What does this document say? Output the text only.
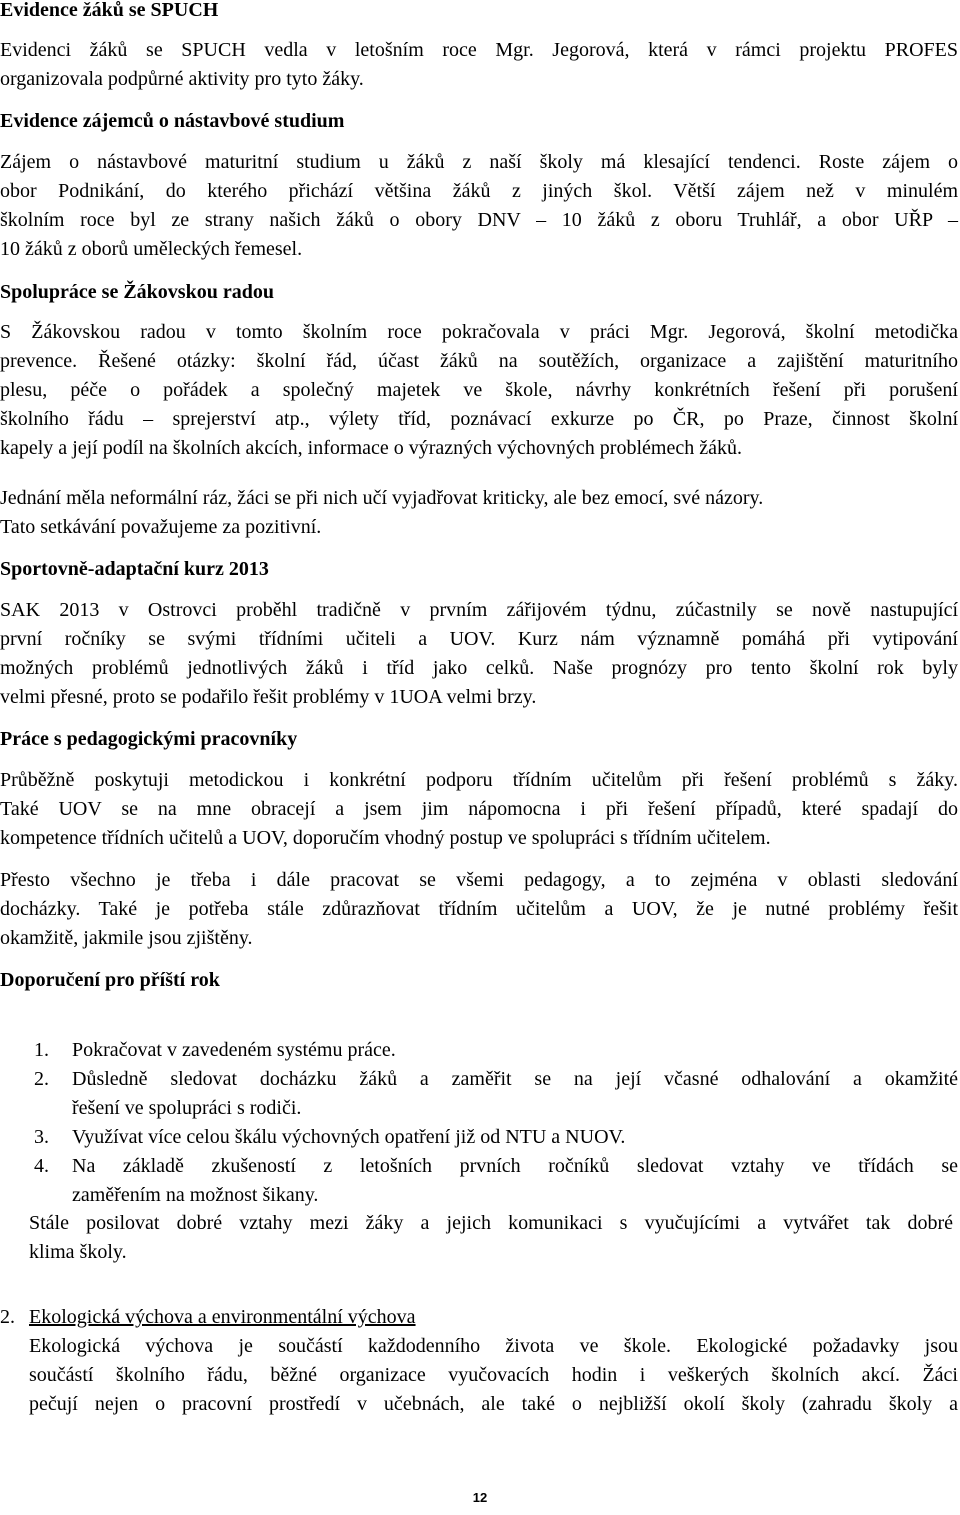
Evidence žáků se SPUCH
Evidenci žáků se SPUCH vedla v letošním roce Mgr. Jegorová, která v rámci projektu PROFES
organizovala podpůrné aktivity pro tyto žáky.
Evidence zájemců o nástavbové studium
Zájem o nástavbové maturitní studium u žáků z naší školy má klesající tendenci. Roste zájem o
obor Podnikání, do kterého přichází většina žáků z jiných škol. Větší zájem než v minulém
školním roce byl ze strany našich žáků o obory DNV – 10 žáků z oboru Truhlář, a obor UŘP –
10 žáků z oborů uměleckých řemesel.
Spolupráce se Žákovskou radou
S Žákovskou radou v tomto školním roce pokračovala v práci Mgr. Jegorová, školní metodička
prevence. Řešené otázky: školní řád, účast žáků na soutěžích, organizace a zajištění maturitního
plesu, péče o pořádek a společný majetek ve škole, návrhy konkrétních řešení při porušení
školního řádu – sprejerství atp., výlety tříd, poznávací exkurze po ČR, po Praze, činnost školní
kapely a její podíl na školních akcích, informace o výrazných výchovných problémech žáků.
Jednání měla neformální ráz, žáci se při nich učí vyjadřovat kriticky, ale bez emocí, své názory.
Tato setkávání považujeme za pozitivní.
Sportovně-adaptační kurz 2013
SAK 2013 v Ostrovci proběhl tradičně v prvním zářijovém týdnu, zúčastnily se nově nastupující
první ročníky se svými třídními učiteli a UOV. Kurz nám významně pomáhá při vytipování
možných problémů jednotlivých žáků i tříd jako celků. Naše prognózy pro tento školní rok byly
velmi přesné, proto se podařilo řešit problémy v 1UOA velmi brzy.
Práce s pedagogickými pracovníky
Průběžně poskytuji metodickou i konkrétní podporu třídním učitelům při řešení problémů s žáky.
Také UOV se na mne obracejí a jsem jim nápomocna i při řešení případů, které spadají do
kompetence třídních učitelů a UOV, doporučím vhodný postup ve spolupráci s třídním učitelem.
Přesto všechno je třeba i dále pracovat se všemi pedagogy, a to zejména v oblasti sledování
docházky. Také je potřeba stále zdůrazňovat třídním učitelům a UOV, že je nutné problémy řešit
okamžitě, jakmile jsou zjištěny.
Doporučení pro příští rok
1. Pokračovat v zavedeném systému práce.
2. Důsledně sledovat docházku žáků a zaměřit se na její včasné odhalování a okamžité
řešení ve spolupráci s rodiči.
3. Využívat více celou škálu výchovných opatření již od NTU a NUOV.
4. Na základě zkušeností z letošních prvních ročníků sledovat vztahy ve třídách se
zaměřením na možnost šikany.
Stále posilovat dobré vztahy mezi žáky a jejich komunikaci s vyučujícími a vytvářet tak dobré
klima školy.
2. Ekologická výchova a environmentální výchova
Ekologická výchova je součástí každodenního života ve škole. Ekologické požadavky jsou
součástí školního řádu, běžné organizace vyučovacích hodin i veškerých školních akcí. Žáci
pečují nejen o pracovní prostředí v učebnách, ale také o nejbližší okolí školy (zahradu školy a
12
